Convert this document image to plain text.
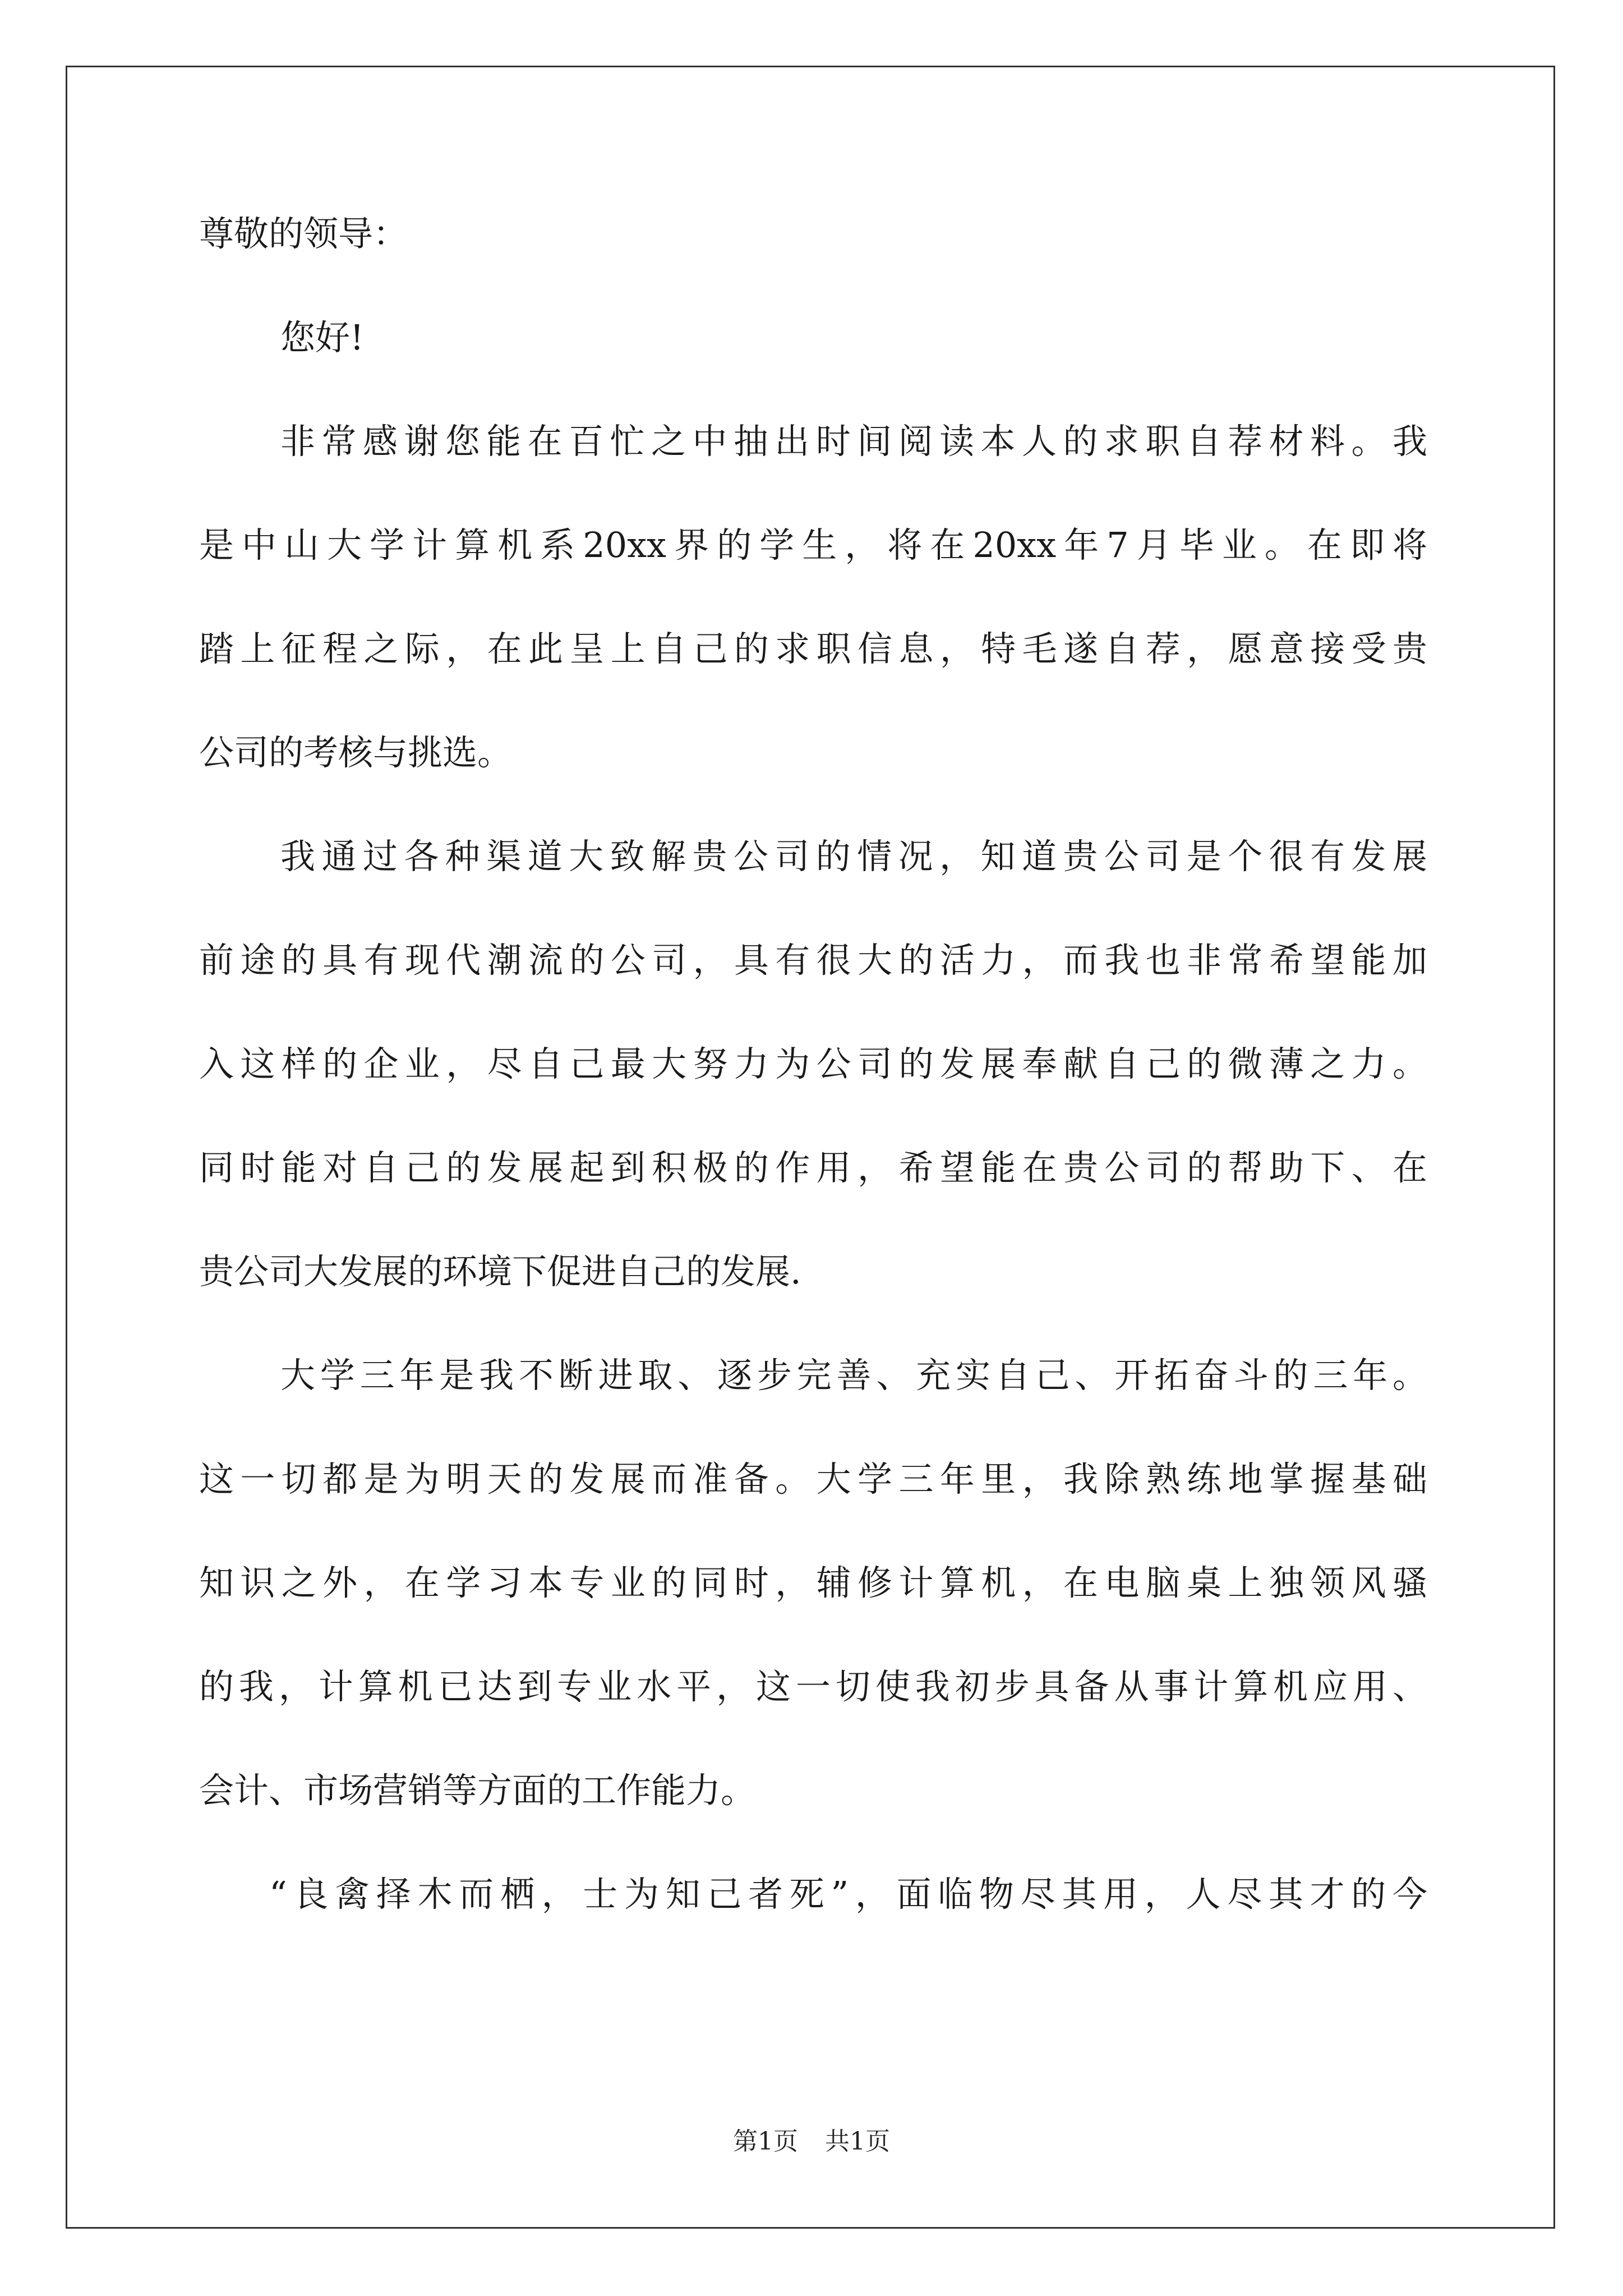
尊敬的领导：
您好!
非常感谢您能在百忙之中抽出时间阅读本人的求职自荐材料。我
是中山大学计算机系20xx界的学生，将在20xx年7月毕业。在即将
踏上征程之际，在此呈上自己的求职信息，特毛遂自荐，愿意接受贵
公司的考核与挑选。
我通过各种渠道大致解贵公司的情况，知道贵公司是个很有发展
前途的具有现代潮流的公司，具有很大的活力，而我也非常希望能加
入这样的企业，尽自己最大努力为公司的发展奉献自己的微薄之力。
同时能对自己的发展起到积极的作用，希望能在贵公司的帮助下、在
贵公司大发展的环境下促进自己的发展.
大学三年是我不断进取、逐步完善、充实自己、开拓奋斗的三年。
这一切都是为明天的发展而准备。大学三年里，我除熟练地掌握基础
知识之外，在学习本专业的同时，辅修计算机，在电脑桌上独领风骚
的我，计算机已达到专业水平，这一切使我初步具备从事计算机应用、
会计、市场营销等方面的工作能力。
“良禽择木而栖，士为知己者死”，面临物尽其用，人尽其才的今
第1页 共1页
